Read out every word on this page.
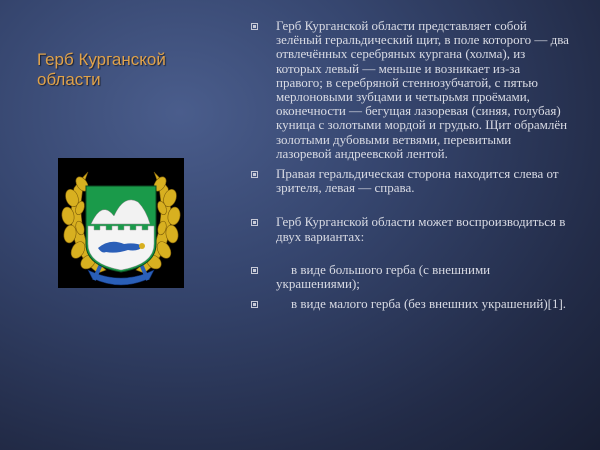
Герб Курганской области

Герб Курганской области представляет собой зелёный геральдический щит, в поле которого — два отвлечённых серебряных кургана (холма), из которых левый — меньше и возникает из-за правого; в серебряной стеннозубчатой, с пятью мерлоновыми зубцами и четырьмя проёмами, оконечности — бегущая лазоревая (синяя, голубая) куница с золотыми мордой и грудью. Щит обрамлён золотыми дубовыми ветвями, перевитыми лазоревой андреевской лентой.

Правая геральдическая сторона находится слева от зрителя, левая — справа.

Герб Курганской области может воспроизводиться в двух вариантах:

в виде большого герба (с внешними украшениями);

в виде малого герба (без внешних украшений)[1].
